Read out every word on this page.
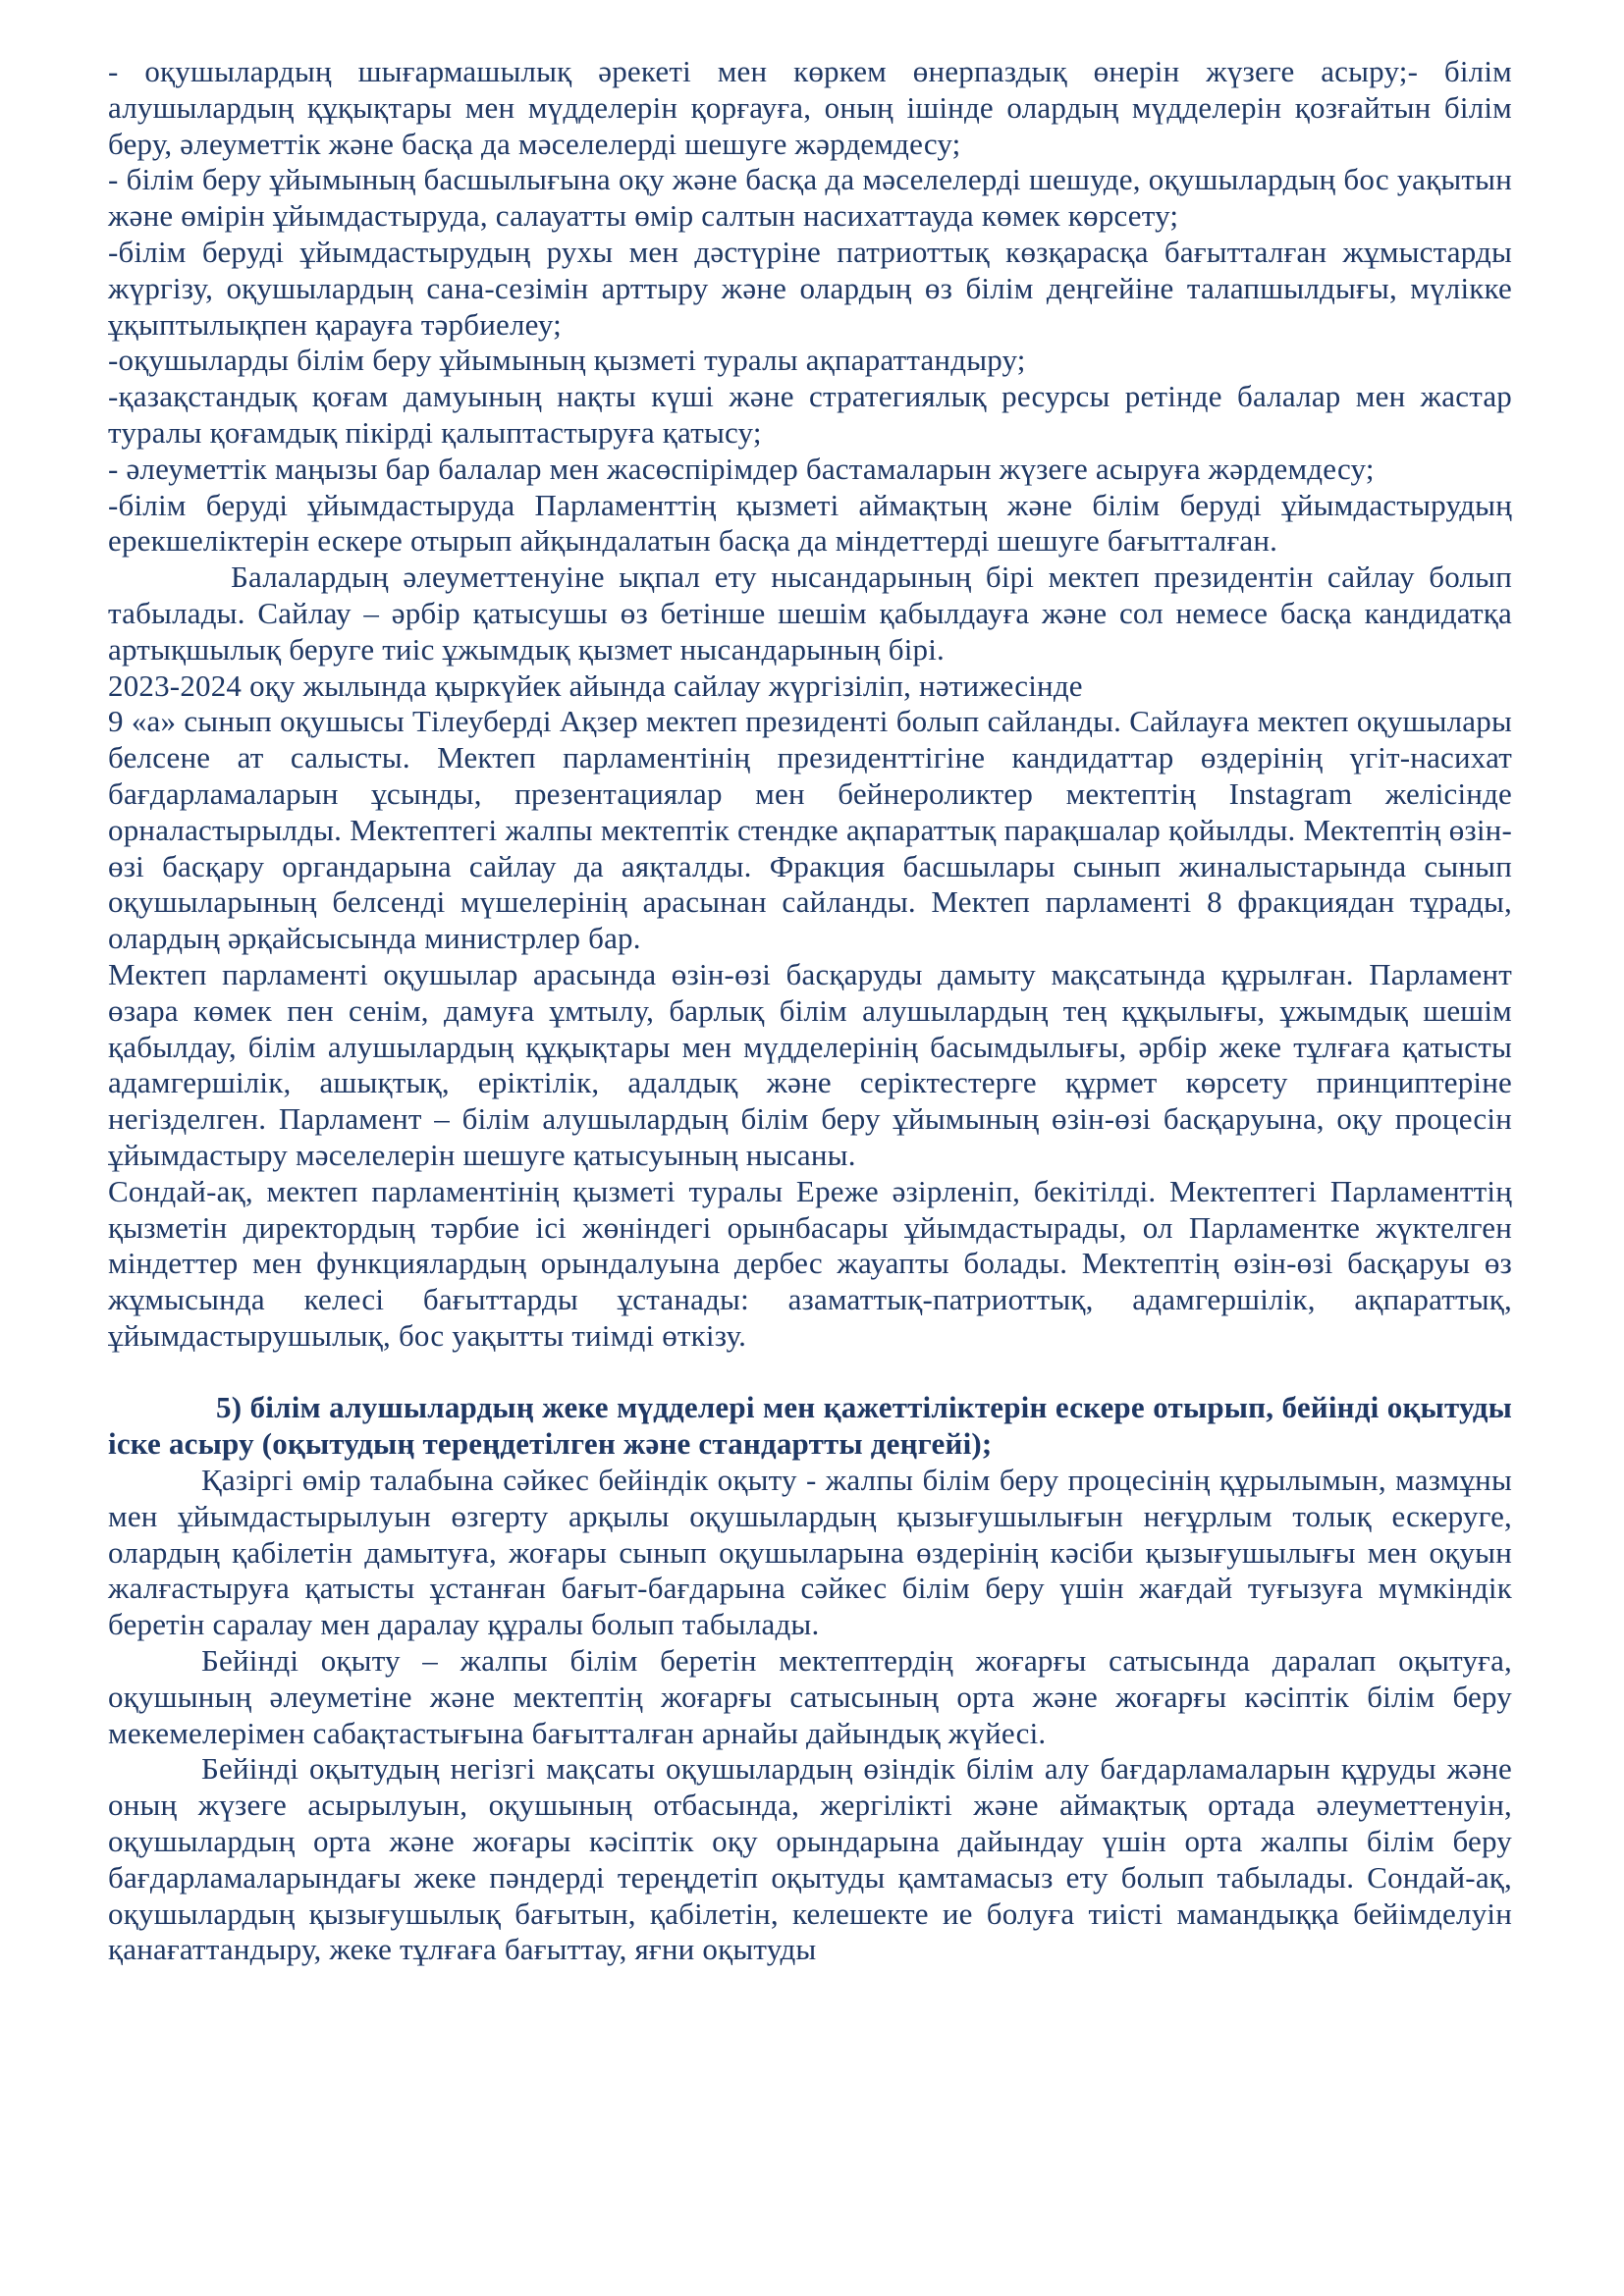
- оқушылардың шығармашылық әрекеті мен көркем өнерпаздық өнерін жүзеге асыру;- білім алушылардың құқықтары мен мүдделерін қорғауға, оның ішінде олардың мүдделерін қозғайтын білім беру, әлеуметтік және басқа да мәселелерді шешуге жәрдемдесу;

- білім беру ұйымының басшылығына оқу және басқа да мәселелерді шешуде, оқушылардың бос уақытын және өмірін ұйымдастыруда, салауатты өмір салтын насихаттауда көмек көрсету;

-білім беруді ұйымдастырудың рухы мен дәстүріне патриоттық көзқарасқа бағытталған жұмыстарды жүргізу, оқушылардың сана-сезімін арттыру және олардың өз білім деңгейіне талапшылдығы, мүлікке ұқыптылықпен қарауға тәрбиелеу;

-оқушыларды білім беру ұйымының қызметі туралы ақпараттандыру;

-қазақстандық қоғам дамуының нақты күші және стратегиялық ресурсы ретінде балалар мен жастар туралы қоғамдық пікірді қалыптастыруға қатысу;

- әлеуметтік маңызы бар балалар мен жасөспірімдер бастамаларын жүзеге асыруға жәрдемдесу;

-білім беруді ұйымдастыруда Парламенттің қызметі аймақтың және білім беруді ұйымдастырудың ерекшеліктерін ескере отырып айқындалатын басқа да міндеттерді шешуге бағытталған.

Балалардың әлеуметтенуіне ықпал ету нысандарының бірі мектеп президентін сайлау болып табылады. Сайлау – әрбір қатысушы өз бетінше шешім қабылдауға және сол немесе басқа кандидатқа артықшылық беруге тиіс ұжымдық қызмет нысандарының бірі.

2023-2024 оқу жылында қыркүйек айында сайлау жүргізіліп, нәтижесінде

9 «а» сынып оқушысы Тілеуберді Ақзер мектеп президенті болып сайланды. Сайлауға мектеп оқушылары белсене ат салысты. Мектеп парламентінің президенттігіне кандидаттар өздерінің үгіт-насихат бағдарламаларын ұсынды, презентациялар мен бейнероликтер мектептің Instagram желісінде орналастырылды. Мектептегі жалпы мектептік стендке ақпараттық парақшалар қойылды. Мектептің өзін-өзі басқару органдарына сайлау да аяқталды. Фракция басшылары сынып жиналыстарында сынып оқушыларының белсенді мүшелерінің арасынан сайланды. Мектеп парламенті 8 фракциядан тұрады, олардың әрқайсысында министрлер бар.

Мектеп парламенті оқушылар арасында өзін-өзі басқаруды дамыту мақсатында құрылған. Парламент өзара көмек пен сенім, дамуға ұмтылу, барлық білім алушылардың тең құқылығы, ұжымдық шешім қабылдау, білім алушылардың құқықтары мен мүдделерінің басымдылығы, әрбір жеке тұлғаға қатысты адамгершілік, ашықтық, еріктілік, адалдық және серіктестерге құрмет көрсету принциптеріне негізделген. Парламент – білім алушылардың білім беру ұйымының өзін-өзі басқаруына, оқу процесін ұйымдастыру мәселелерін шешуге қатысуының нысаны.

Сондай-ақ, мектеп парламентінің қызметі туралы Ереже әзірленіп, бекітілді. Мектептегі Парламенттің қызметін директордың тәрбие ісі жөніндегі орынбасары ұйымдастырады, ол Парламентке жүктелген міндеттер мен функциялардың орындалуына дербес жауапты болады. Мектептің өзін-өзі басқаруы өз жұмысында келесі бағыттарды ұстанады: азаматтық-патриоттық, адамгершілік, ақпараттық, ұйымдастырушылық, бос уақытты тиімді өткізу.

5) білім алушылардың жеке мүдделері мен қажеттіліктерін ескере отырып, бейінді оқытуды іске асыру (оқытудың тереңдетілген және стандартты деңгейі);

Қазіргі өмір талабына сәйкес бейіндік оқыту - жалпы білім беру процесінің құрылымын, мазмұны мен ұйымдастырылуын өзгерту арқылы оқушылардың қызығушылығын неғұрлым толық ескеруге, олардың қабілетін дамытуға, жоғары сынып оқушыларына өздерінің кәсіби қызығушылығы мен оқуын жалғастыруға қатысты ұстанған бағыт-бағдарына сәйкес білім беру үшін жағдай туғызуға мүмкіндік беретін саралау мен даралау құралы болып табылады.

Бейінді оқыту – жалпы білім беретін мектептердің жоғарғы сатысында даралап оқытуға, оқушының әлеуметіне және мектептің жоғарғы сатысының орта және жоғарғы кәсіптік білім беру мекемелерімен сабақтастығына бағытталған арнайы дайындық жүйесі.

Бейінді оқытудың негізгі мақсаты оқушылардың өзіндік білім алу бағдарламаларын құруды және оның жүзеге асырылуын, оқушының отбасында, жергілікті және аймақтық ортада әлеуметтенуін, оқушылардың орта және жоғары кәсіптік оқу орындарына дайындау үшін орта жалпы білім беру бағдарламаларындағы жеке пәндерді тереңдетіп оқытуды қамтамасыз ету болып табылады. Сондай-ақ, оқушылардың қызығушылық бағытын, қабілетін, келешекте ие болуға тиісті мамандыққа бейімделуін қанағаттандыру, жеке тұлғаға бағыттау, яғни оқытуды
